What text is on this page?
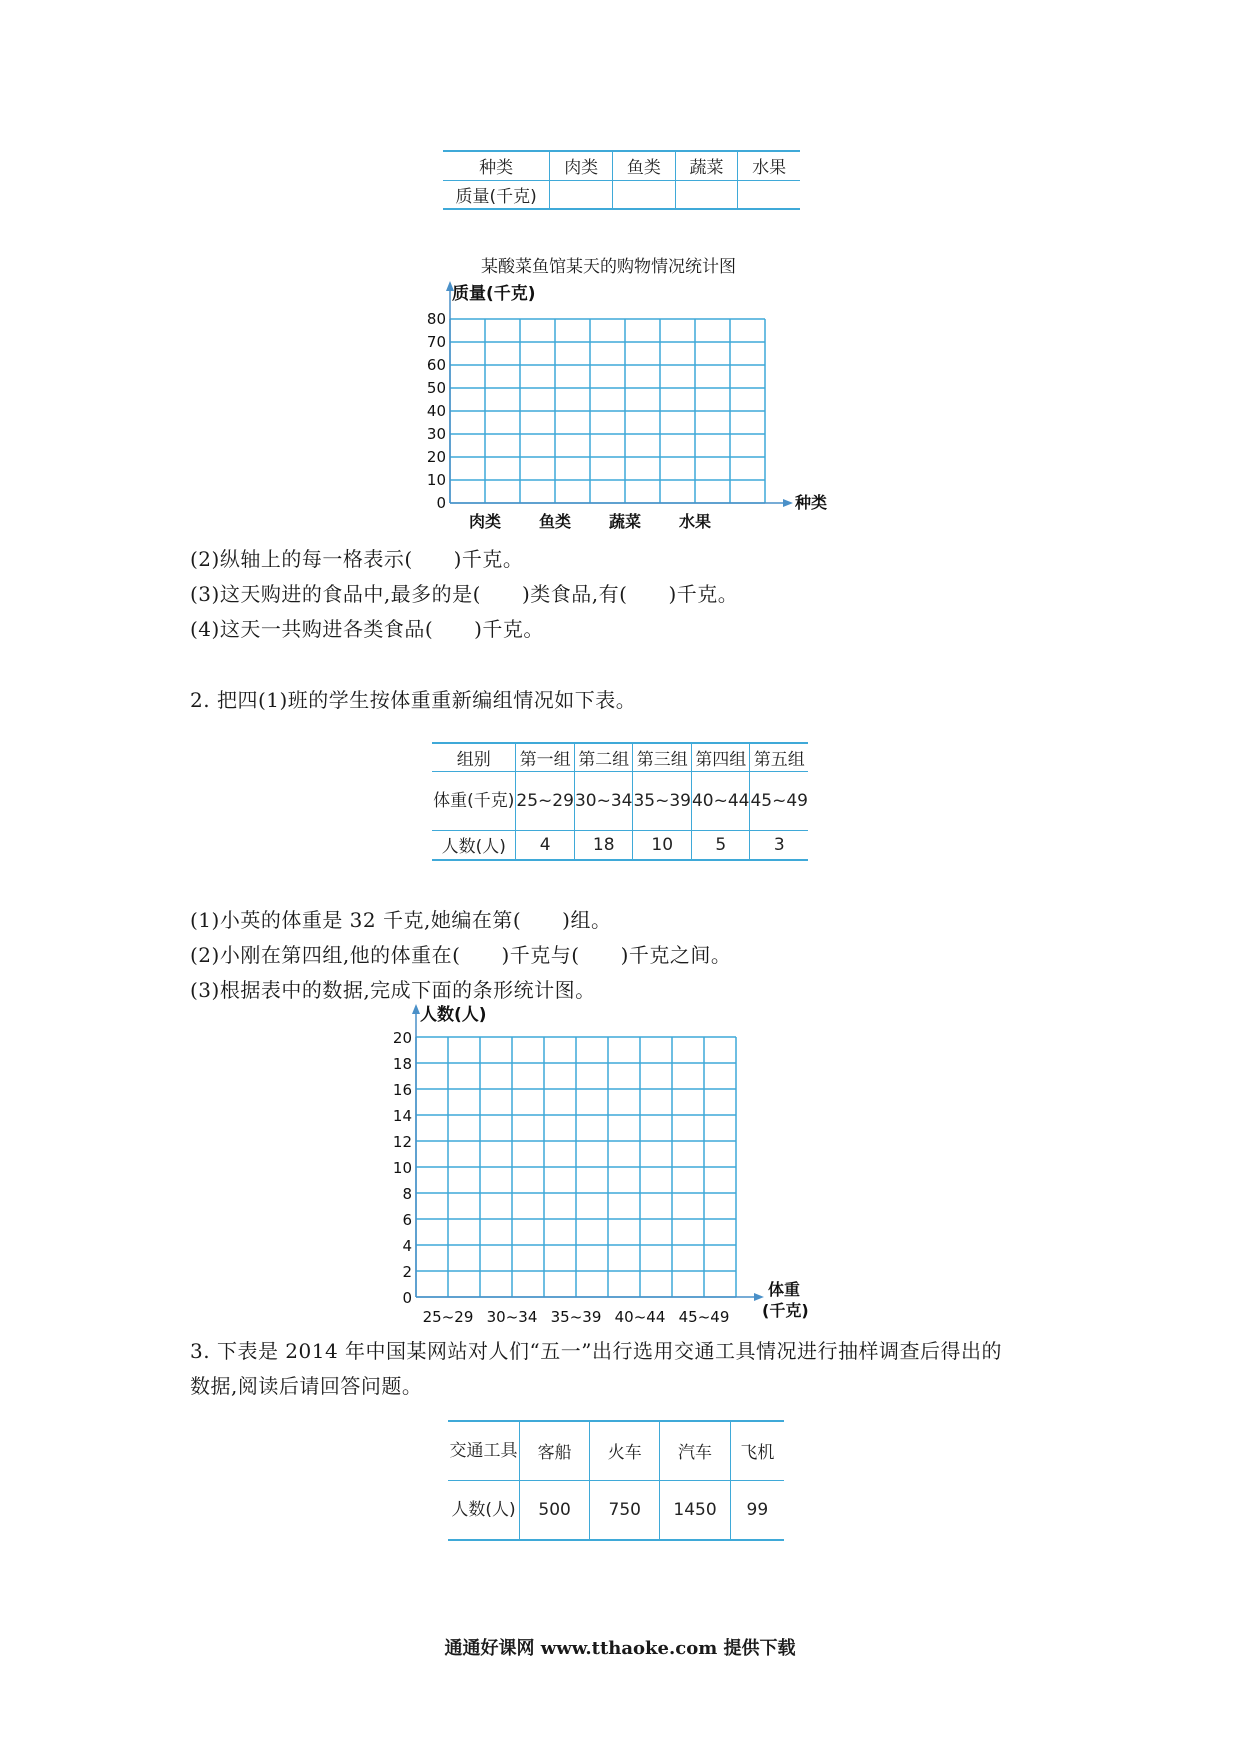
种类	肉类	鱼类	蔬菜	水果
质量(千克)				
某酸菜鱼馆某天的购物情况统计图
0
10
20
30
40
50
60
70
80
肉类 鱼类 蔬菜 水果
质量(千克)
种类
(2)纵轴上的每一格表示(　　)千克。
(3)这天购进的食品中,最多的是(　　)类食品,有(　　)千克。
(4)这天一共购进各类食品(　　)千克。
2. 把四(1)班的学生按体重重新编组情况如下表。
组别	第一组	第二组	第三组	第四组	第五组
体重(千克)	25~29	30~34	35~39	40~44	45~49
人数(人)	4	18	10	5	3
(1)小英的体重是 32 千克,她编在第(　　)组。
(2)小刚在第四组,他的体重在(　　)千克与(　　)千克之间。
(3)根据表中的数据,完成下面的条形统计图。
0
2
4
6
8
10
12
14
16
18
20
25~29 30~34 35~39 40~44 45~49
人数(人)
体重
(千克)
3. 下表是 2014 年中国某网站对人们“五一”出行选用交通工具情况进行抽样调查后得出的
数据,阅读后请回答问题。
交通工具	客船	火车	汽车	飞机
人数(人)	500	750	1450	99
通通好课网 www.tthaoke.com 提供下载
